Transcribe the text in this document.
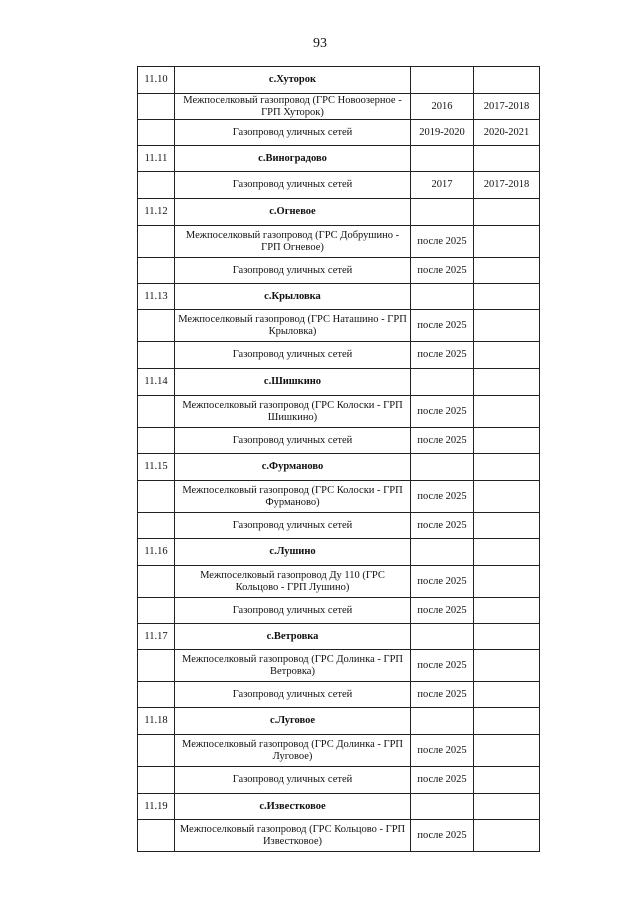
93
11.10	с.Хуторок		
	Межпоселковый газопровод (ГРС Новоозерное - ГРП Хуторок)	2016	2017-2018
	Газопровод уличных сетей	2019-2020	2020-2021
11.11	с.Виноградово		
	Газопровод уличных сетей	2017	2017-2018
11.12	с.Огневое		
	Межпоселковый газопровод (ГРС Добрушино - ГРП Огневое)	после 2025	
	Газопровод уличных сетей	после 2025	
11.13	с.Крыловка		
	Межпоселковый газопровод (ГРС Наташино - ГРП Крыловка)	после 2025	
	Газопровод уличных сетей	после 2025	
11.14	с.Шишкино		
	Межпоселковый газопровод (ГРС Колоски - ГРП Шишкино)	после 2025	
	Газопровод уличных сетей	после 2025	
11.15	с.Фурманово		
	Межпоселковый газопровод (ГРС Колоски - ГРП Фурманово)	после 2025	
	Газопровод уличных сетей	после 2025	
11.16	с.Лушино		
	Межпоселковый газопровод Ду 110 (ГРС Кольцово - ГРП Лушино)	после 2025	
	Газопровод уличных сетей	после 2025	
11.17	с.Ветровка		
	Межпоселковый газопровод (ГРС Долинка - ГРП Ветровка)	после 2025	
	Газопровод уличных сетей	после 2025	
11.18	с.Луговое		
	Межпоселковый газопровод (ГРС Долинка - ГРП Луговое)	после 2025	
	Газопровод уличных сетей	после 2025	
11.19	с.Известковое		
	Межпоселковый газопровод (ГРС Кольцово - ГРП Известковое)	после 2025	
